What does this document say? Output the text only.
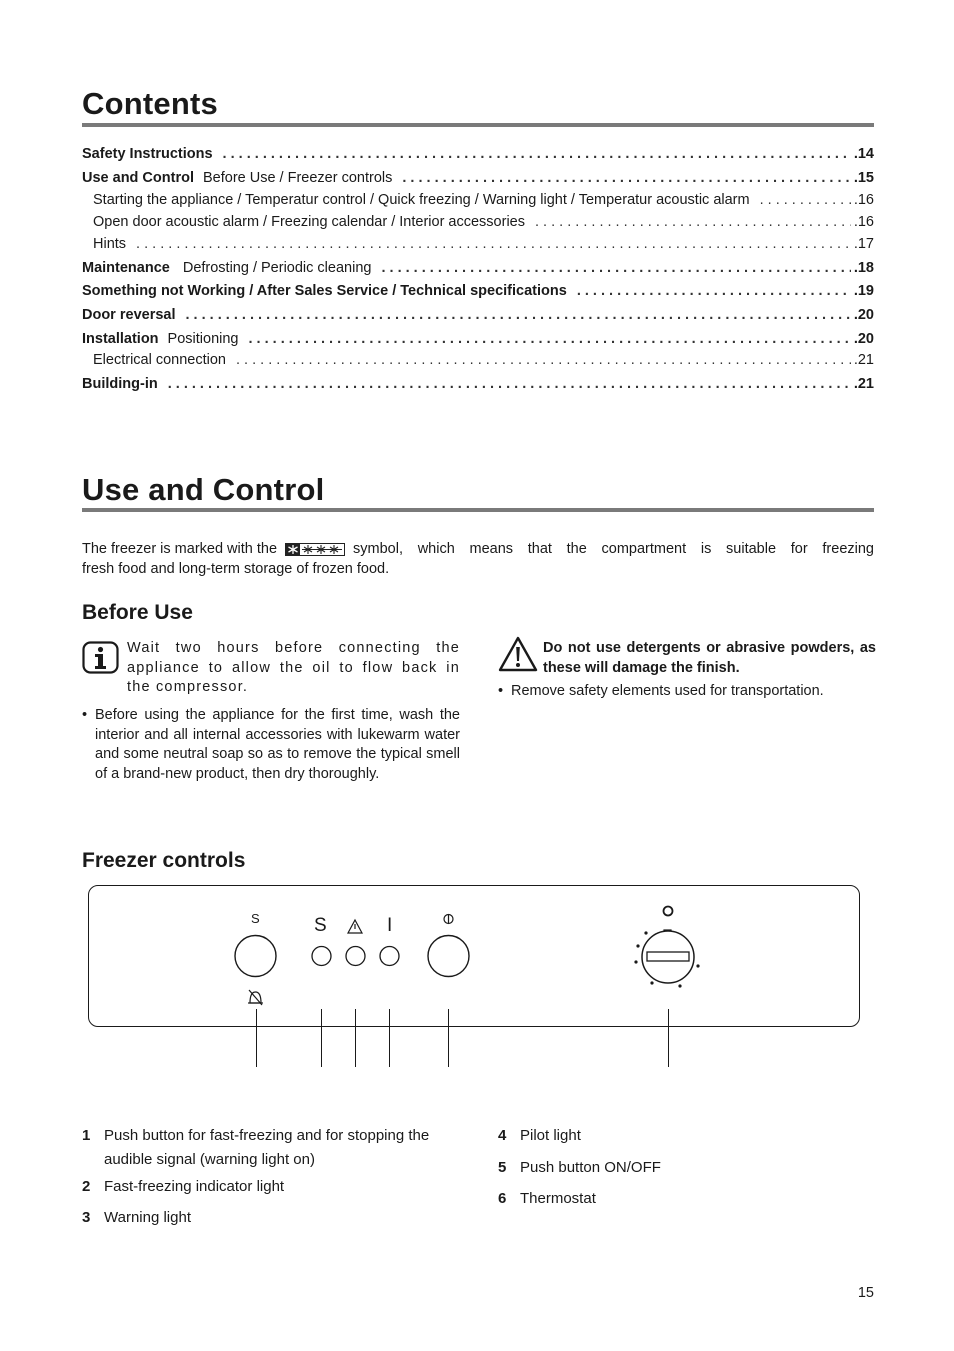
Contents
Safety Instructions . . .	.14
Use and Control Before Use / Freezer controls . . .	.15
Starting the appliance / Temperatur control / Quick freezing / Warning light / Temperatur acoustic alarm . . .	.16
Open door acoustic alarm / Freezing calendar / Interior accessories . . .	.16
Hints . . .	.17
Maintenance Defrosting / Periodic cleaning . . .	.18
Something not Working / After Sales Service / Technical specifications . . .	.19
Door reversal . . .	.20
Installation Positioning . . .	.20
Electrical connection . . .	.21
Building-in . . .	.21
Use and Control
The freezer is marked with the	symbol, which means that the compartment is suitable for freezing
fresh food and long-term storage of frozen food.
Before Use

Wait two hours before connecting the appliance to allow the oil to flow back in the compressor.

• Before using the appliance for the first time, wash the interior and all internal accessories with lukewarm water and some neutral soap so as to remove the typical smell of a brand-new product, then dry thoroughly.

Do not use detergents or abrasive powders, as these will damage the finish.

• Remove safety elements used for transportation.

Freezer controls
S	S	I
1 Push button for fast-freezing and for stopping the audible signal (warning light on)
2 Fast-freezing indicator light
3 Warning light
4 Pilot light
5 Push button ON/OFF
6 Thermostat
15
